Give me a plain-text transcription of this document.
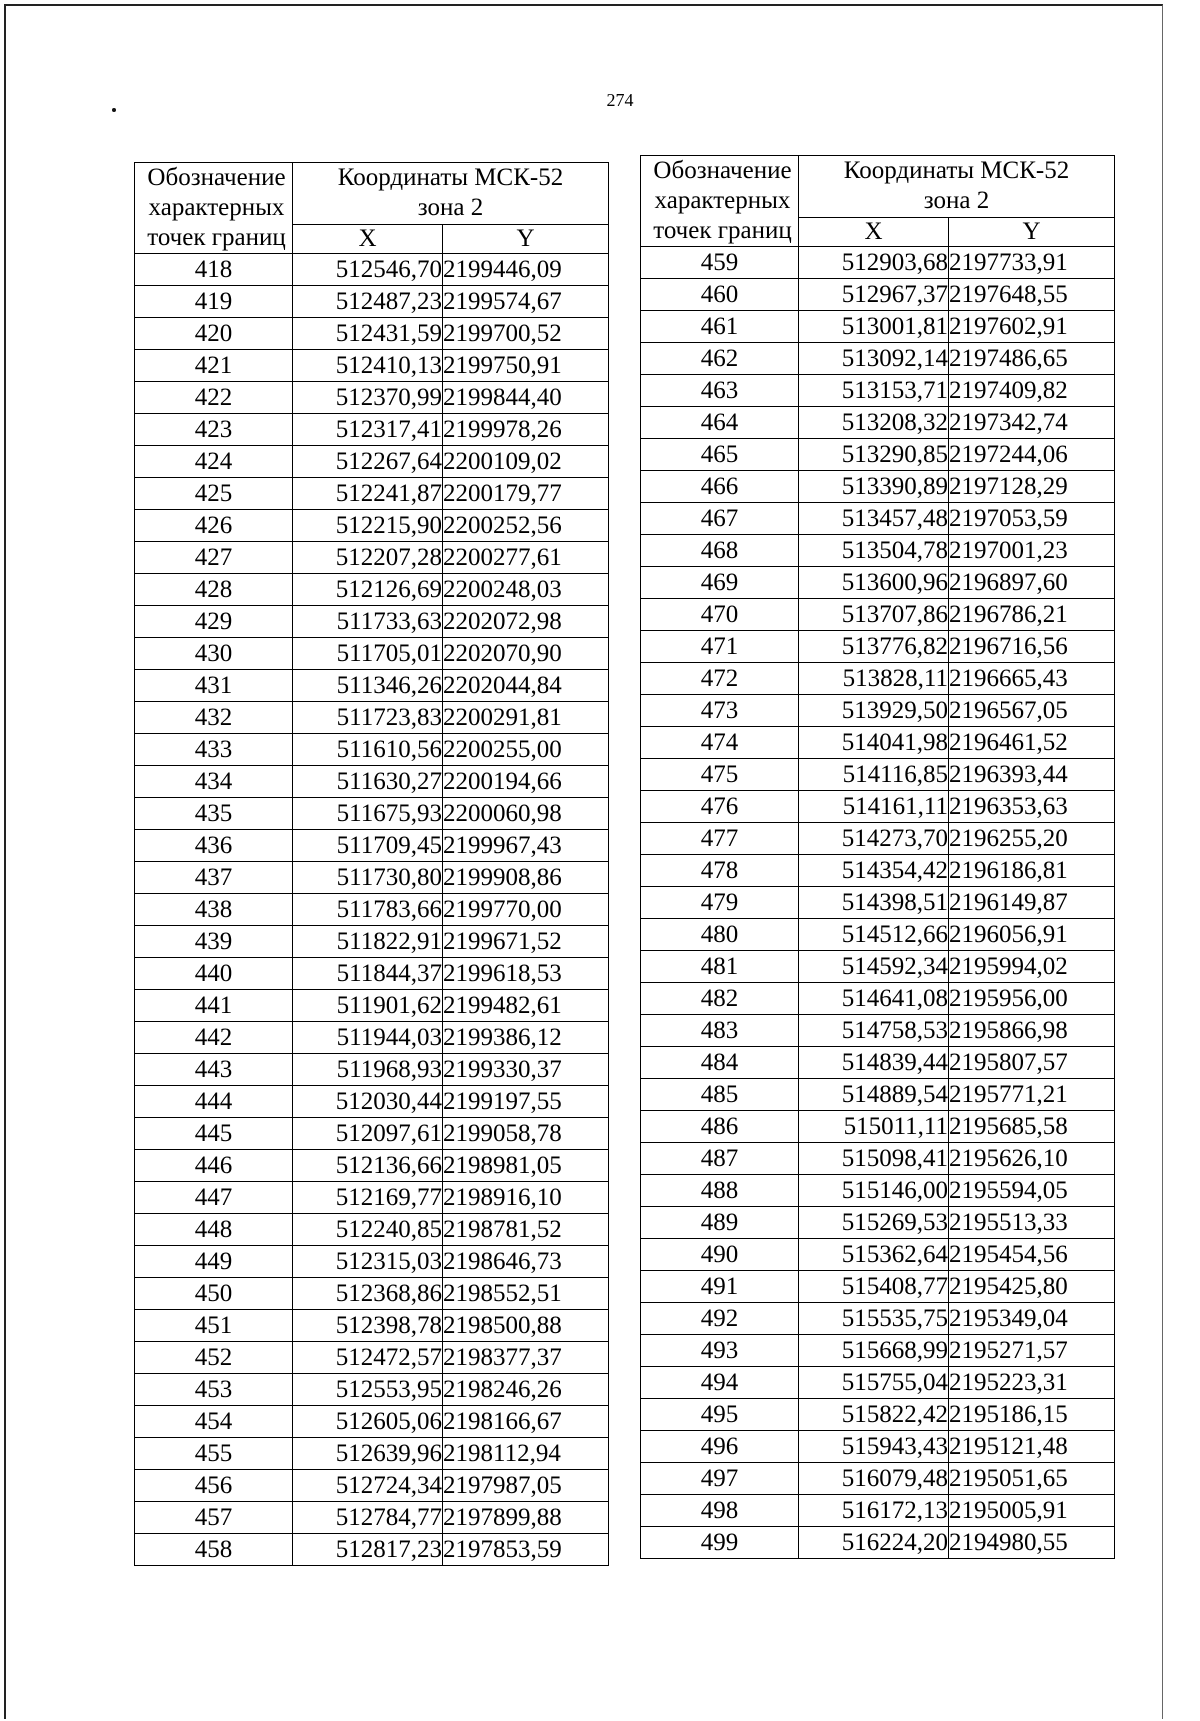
274
Обозначение
характерных
точек границ	Координаты МСК-52
зона 2	

	X	Y
418	512546,70	2199446,09
419	512487,23	2199574,67
420	512431,59	2199700,52
421	512410,13	2199750,91
422	512370,99	2199844,40
423	512317,41	2199978,26
424	512267,64	2200109,02
425	512241,87	2200179,77
426	512215,90	2200252,56
427	512207,28	2200277,61
428	512126,69	2200248,03
429	511733,63	2202072,98
430	511705,01	2202070,90
431	511346,26	2202044,84
432	511723,83	2200291,81
433	511610,56	2200255,00
434	511630,27	2200194,66
435	511675,93	2200060,98
436	511709,45	2199967,43
437	511730,80	2199908,86
438	511783,66	2199770,00
439	511822,91	2199671,52
440	511844,37	2199618,53
441	511901,62	2199482,61
442	511944,03	2199386,12
443	511968,93	2199330,37
444	512030,44	2199197,55
445	512097,61	2199058,78
446	512136,66	2198981,05
447	512169,77	2198916,10
448	512240,85	2198781,52
449	512315,03	2198646,73
450	512368,86	2198552,51
451	512398,78	2198500,88
452	512472,57	2198377,37
453	512553,95	2198246,26
454	512605,06	2198166,67
455	512639,96	2198112,94
456	512724,34	2197987,05
457	512784,77	2197899,88
458	512817,23	2197853,59
Обозначение
характерных
точек границ	Координаты МСК-52
зона 2	

	X	Y
459	512903,68	2197733,91
460	512967,37	2197648,55
461	513001,81	2197602,91
462	513092,14	2197486,65
463	513153,71	2197409,82
464	513208,32	2197342,74
465	513290,85	2197244,06
466	513390,89	2197128,29
467	513457,48	2197053,59
468	513504,78	2197001,23
469	513600,96	2196897,60
470	513707,86	2196786,21
471	513776,82	2196716,56
472	513828,11	2196665,43
473	513929,50	2196567,05
474	514041,98	2196461,52
475	514116,85	2196393,44
476	514161,11	2196353,63
477	514273,70	2196255,20
478	514354,42	2196186,81
479	514398,51	2196149,87
480	514512,66	2196056,91
481	514592,34	2195994,02
482	514641,08	2195956,00
483	514758,53	2195866,98
484	514839,44	2195807,57
485	514889,54	2195771,21
486	515011,11	2195685,58
487	515098,41	2195626,10
488	515146,00	2195594,05
489	515269,53	2195513,33
490	515362,64	2195454,56
491	515408,77	2195425,80
492	515535,75	2195349,04
493	515668,99	2195271,57
494	515755,04	2195223,31
495	515822,42	2195186,15
496	515943,43	2195121,48
497	516079,48	2195051,65
498	516172,13	2195005,91
499	516224,20	2194980,55
